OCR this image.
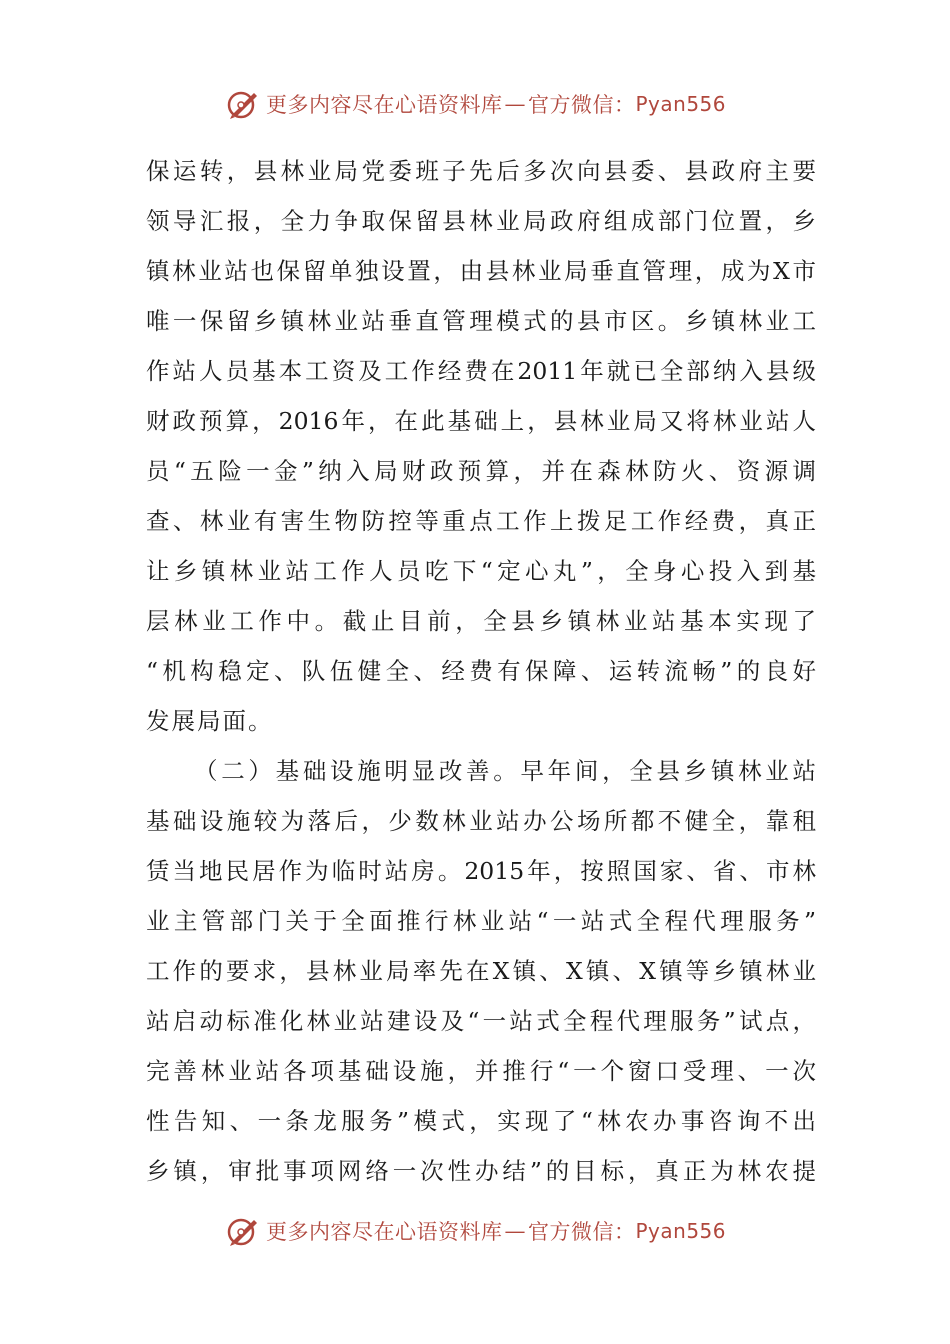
更多内容尽在心语资料库 — 官方微信： Pyan556
保运转，县林业局党委班子先后多次向县委、县政府主要
领导汇报，全力争取保留县林业局政府组成部门位置，乡
镇林业站也保留单独设置，由县林业局垂直管理，成为X市
唯一保留乡镇林业站垂直管理模式的县市区。乡镇林业工
作站人员基本工资及工作经费在2011年就已全部纳入县级
财政预算，2016年，在此基础上，县林业局又将林业站人
员“五险一金”纳入局财政预算，并在森林防火、资源调
查、林业有害生物防控等重点工作上拨足工作经费，真正
让乡镇林业站工作人员吃下“定心丸”，全身心投入到基
层林业工作中。截止目前，全县乡镇林业站基本实现了
“机构稳定、队伍健全、经费有保障、运转流畅”的良好
发展局面。
（二）基础设施明显改善。早年间，全县乡镇林业站
基础设施较为落后，少数林业站办公场所都不健全，靠租
赁当地民居作为临时站房。2015年，按照国家、省、市林
业主管部门关于全面推行林业站“一站式全程代理服务”
工作的要求，县林业局率先在X镇、X镇、X镇等乡镇林业
站启动标准化林业站建设及“一站式全程代理服务”试点，
完善林业站各项基础设施，并推行“一个窗口受理、一次
性告知、一条龙服务”模式，实现了“林农办事咨询不出
乡镇，审批事项网络一次性办结”的目标，真正为林农提
更多内容尽在心语资料库 — 官方微信： Pyan556
